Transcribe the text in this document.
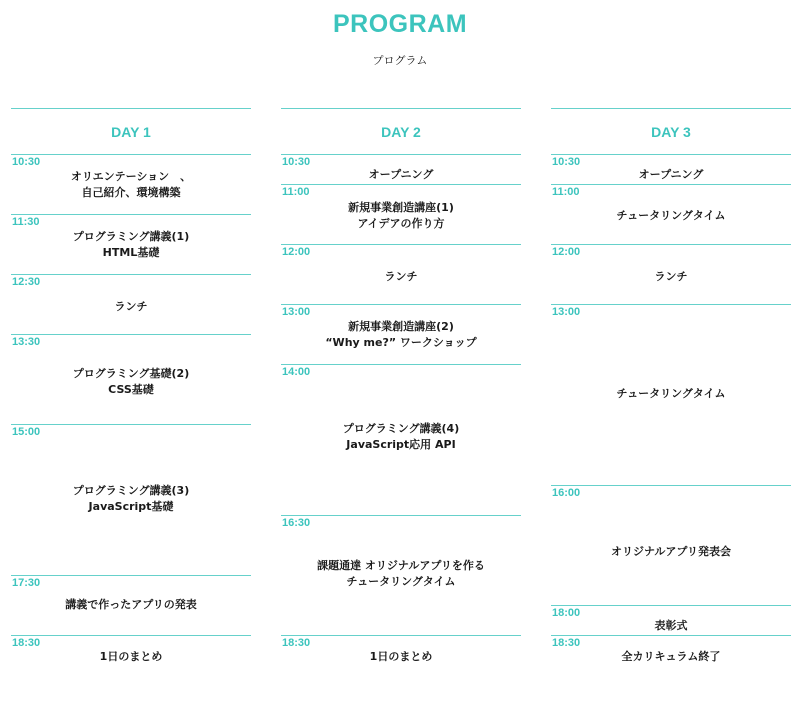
PROGRAM
プログラム
DAY 1
10:30
オリエンテーション　、
自己紹介、環境構築
11:30
プログラミング講義(1)
HTML基礎
12:30
ランチ
13:30
プログラミング基礎(2)
CSS基礎
15:00
プログラミング講義(3)
JavaScript基礎
17:30
講義で作ったアプリの発表
18:30
1日のまとめ
DAY 2
10:30
オープニング
11:00
新規事業創造講座(1)
アイデアの作り方
12:00
ランチ
13:00
新規事業創造講座(2)
“Why me?” ワークショップ
14:00
プログラミング講義(4)
JavaScript応用 API
16:30
課題通達 オリジナルアプリを作る
チュータリングタイム
18:30
1日のまとめ
DAY 3
10:30
オープニング
11:00
チュータリングタイム
12:00
ランチ
13:00
チュータリングタイム
16:00
オリジナルアプリ発表会
18:00
表彰式
18:30
全カリキュラム終了
